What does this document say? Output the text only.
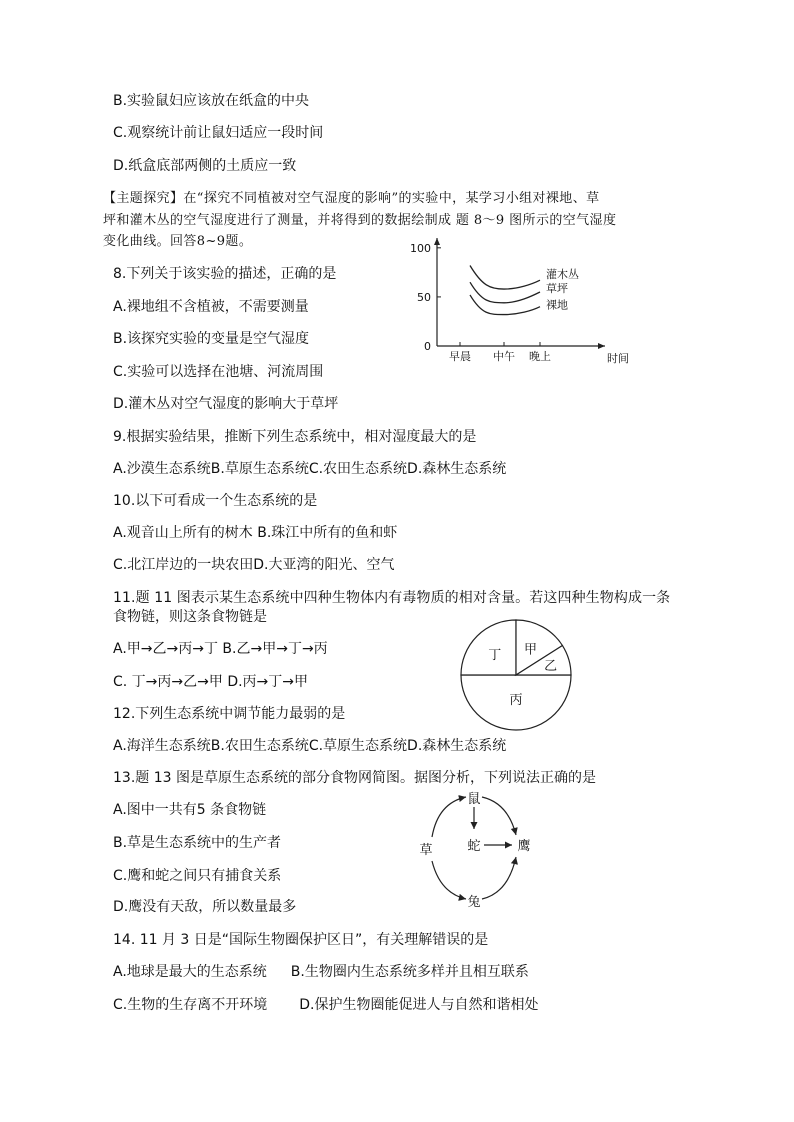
B.实验鼠妇应该放在纸盒的中央
C.观察统计前让鼠妇适应一段时间
D.纸盒底部两侧的土质应一致
【主题探究】在“探究不同植被对空气湿度的影响”的实验中，某学习小组对裸地、草
坪和灌木丛的空气湿度进行了测量，并将得到的数据绘制成 题 8～9 图所示的空气湿度
变化曲线。回答8~9题。
8.下列关于该实验的描述，正确的是
A.裸地组不含植被，不需要测量
B.该探究实验的变量是空气湿度
C.实验可以选择在池塘、河流周围
D.灌木丛对空气湿度的影响大于草坪
0
50
100
早晨 中午 晚上	时间
灌木丛
草坪
裸地
9.根据实验结果，推断下列生态系统中，相对湿度最大的是
A.沙漠生态系统B.草原生态系统C.农田生态系统D.森林生态系统
10.以下可看成一个生态系统的是
A.观音山上所有的树木 B.珠江中所有的鱼和虾
C.北江岸边的一块农田D.大亚湾的阳光、空气
11.题 11 图表示某生态系统中四种生物体内有毒物质的相对含量。若这四种生物构成一条
食物链，则这条食物链是
A.甲→乙→丙→丁 B.乙→甲→丁→丙
C. 丁→丙→乙→甲 D.丙→丁→甲
丙
丁 甲
乙
12.下列生态系统中调节能力最弱的是
A.海洋生态系统B.农田生态系统C.草原生态系统D.森林生态系统
13.题 13 图是草原生态系统的部分食物网简图。据图分析，下列说法正确的是
A.图中一共有5 条食物链
B.草是生态系统中的生产者
C.鹰和蛇之间只有捕食关系
D.鹰没有天敌，所以数量最多
鼠
蛇	鹰
草
兔
14. 11 月 3 日是“国际生物圈保护区日”，有关理解错误的是
A.地球是最大的生态系统 B.生物圈内生态系统多样并且相互联系
C.生物的生存离不开环境 D.保护生物圈能促进人与自然和谐相处
